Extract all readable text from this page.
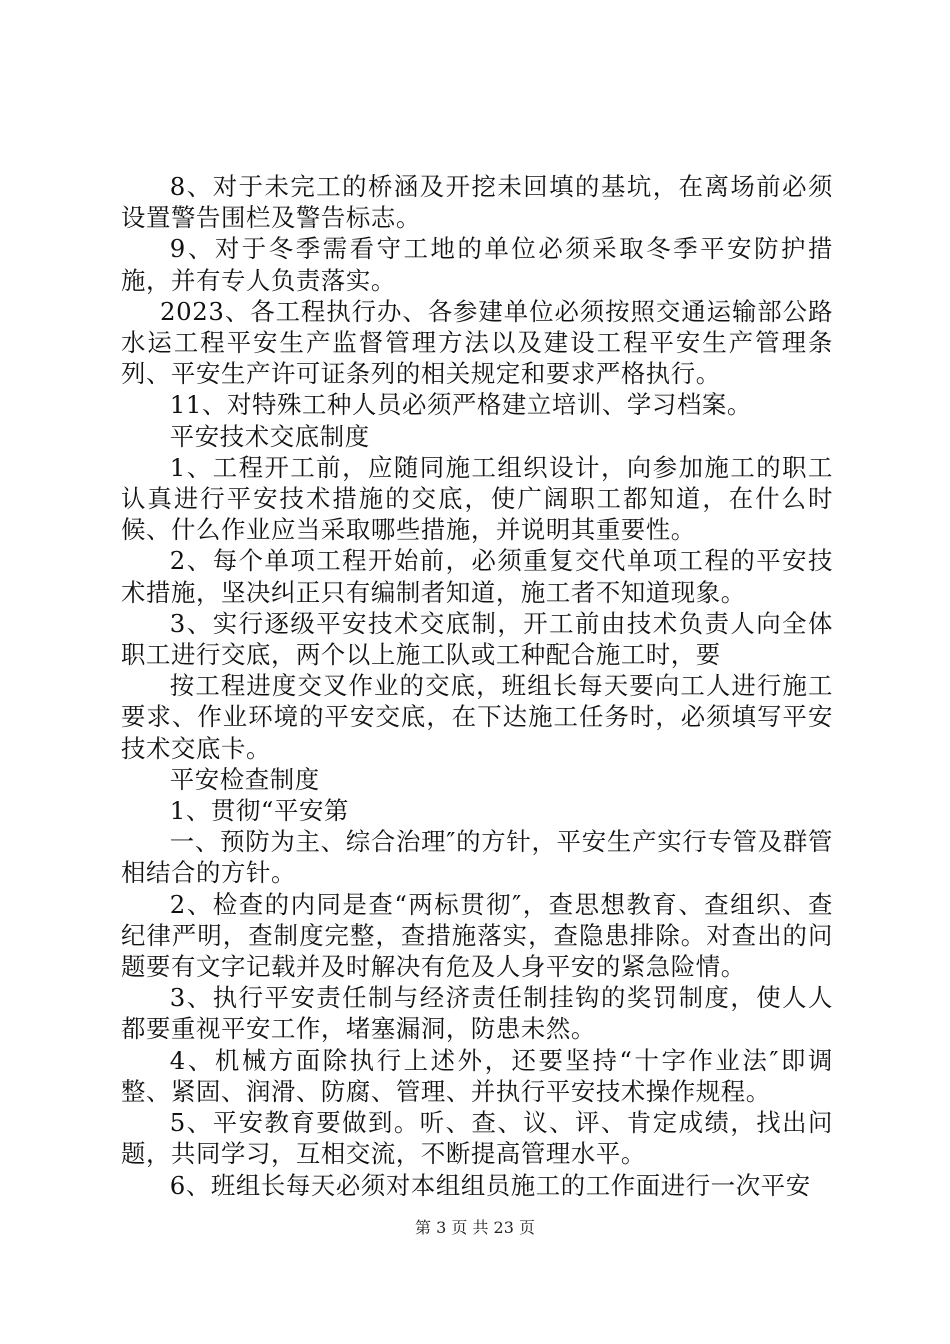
8、对于未完工的桥涵及开挖未回填的基坑，在离场前必须设置警告围栏及警告标志。

9、对于冬季需看守工地的单位必须采取冬季平安防护措施，并有专人负责落实。

2023、各工程执行办、各参建单位必须按照交通运输部公路水运工程平安生产监督管理方法以及建设工程平安生产管理条列、平安生产许可证条列的相关规定和要求严格执行。

11、对特殊工种人员必须严格建立培训、学习档案。

平安技术交底制度

1、工程开工前，应随同施工组织设计，向参加施工的职工认真进行平安技术措施的交底，使广阔职工都知道，在什么时候、什么作业应当采取哪些措施，并说明其重要性。

2、每个单项工程开始前，必须重复交代单项工程的平安技术措施，坚决纠正只有编制者知道，施工者不知道现象。

3、实行逐级平安技术交底制，开工前由技术负责人向全体职工进行交底，两个以上施工队或工种配合施工时，要

按工程进度交叉作业的交底，班组长每天要向工人进行施工要求、作业环境的平安交底，在下达施工任务时，必须填写平安技术交底卡。

平安检查制度

1、贯彻“平安第

一、预防为主、综合治理″的方针，平安生产实行专管及群管相结合的方针。

2、检查的内同是查“两标贯彻″，查思想教育、查组织、查纪律严明，查制度完整，查措施落实，查隐患排除。对查出的问题要有文字记载并及时解决有危及人身平安的紧急险情。

3、执行平安责任制与经济责任制挂钩的奖罚制度，使人人都要重视平安工作，堵塞漏洞，防患未然。

4、机械方面除执行上述外，还要坚持“十字作业法″即调整、紧固、润滑、防腐、管理、并执行平安技术操作规程。

5、平安教育要做到。听、查、议、评、肯定成绩，找出问题，共同学习，互相交流，不断提高管理水平。

6、班组长每天必须对本组组员施工的工作面进行一次平安

第 3 页 共 23 页
